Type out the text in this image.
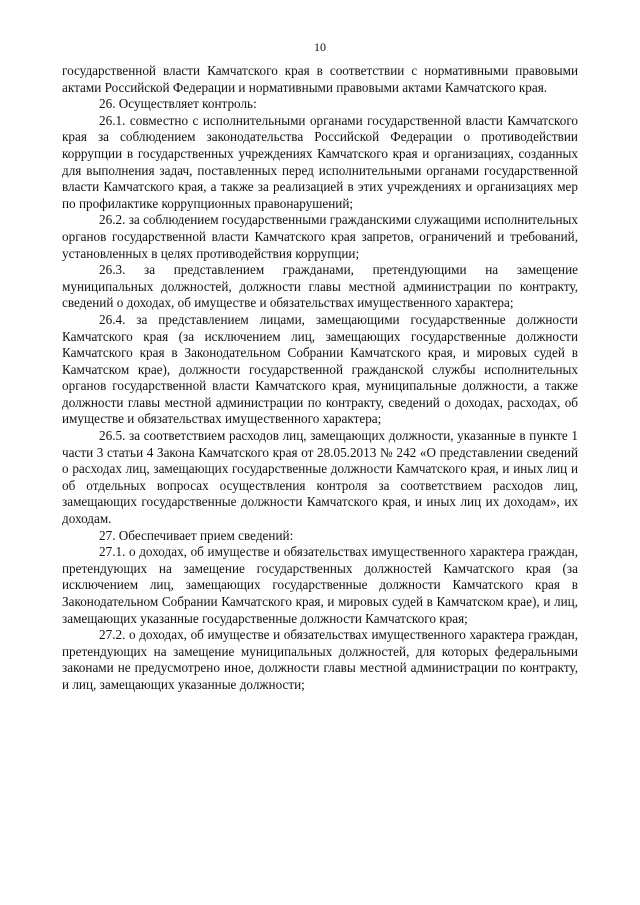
10

государственной власти Камчатского края в соответствии с нормативными правовыми актами Российской Федерации и нормативными правовыми актами Камчатского края.

26. Осуществляет контроль:

26.1. совместно с исполнительными органами государственной власти Камчатского края за соблюдением законодательства Российской Федерации о противодействии коррупции в государственных учреждениях Камчатского края и организациях, созданных для выполнения задач, поставленных перед исполнительными органами государственной власти Камчатского края, а также за реализацией в этих учреждениях и организациях мер по профилактике коррупционных правонарушений;

26.2. за соблюдением государственными гражданскими служащими исполнительных органов государственной власти Камчатского края запретов, ограничений и требований, установленных в целях противодействия коррупции;

26.3. за представлением гражданами, претендующими на замещение муниципальных должностей, должности главы местной администрации по контракту, сведений о доходах, об имуществе и обязательствах имущественного характера;

26.4. за представлением лицами, замещающими государственные должности Камчатского края (за исключением лиц, замещающих государственные должности Камчатского края в Законодательном Собрании Камчатского края, и мировых судей в Камчатском крае), должности государственной гражданской службы исполнительных органов государственной власти Камчатского края, муниципальные должности, а также должности главы местной администрации по контракту, сведений о доходах, расходах, об имуществе и обязательствах имущественного характера;

26.5. за соответствием расходов лиц, замещающих должности, указанные в пункте 1 части 3 статьи 4 Закона Камчатского края от 28.05.2013 № 242 «О представлении сведений о расходах лиц, замещающих государственные должности Камчатского края, и иных лиц и об отдельных вопросах осуществления контроля за соответствием расходов лиц, замещающих государственные должности Камчатского края, и иных лиц их доходам», их доходам.

27. Обеспечивает прием сведений:

27.1. о доходах, об имуществе и обязательствах имущественного характера граждан, претендующих на замещение государственных должностей Камчатского края (за исключением лиц, замещающих государственные должности Камчатского края в Законодательном Собрании Камчатского края, и мировых судей в Камчатском крае), и лиц, замещающих указанные государственные должности Камчатского края;

27.2. о доходах, об имуществе и обязательствах имущественного характера граждан, претендующих на замещение муниципальных должностей, для которых федеральными законами не предусмотрено иное, должности главы местной администрации по контракту, и лиц, замещающих указанные должности;
